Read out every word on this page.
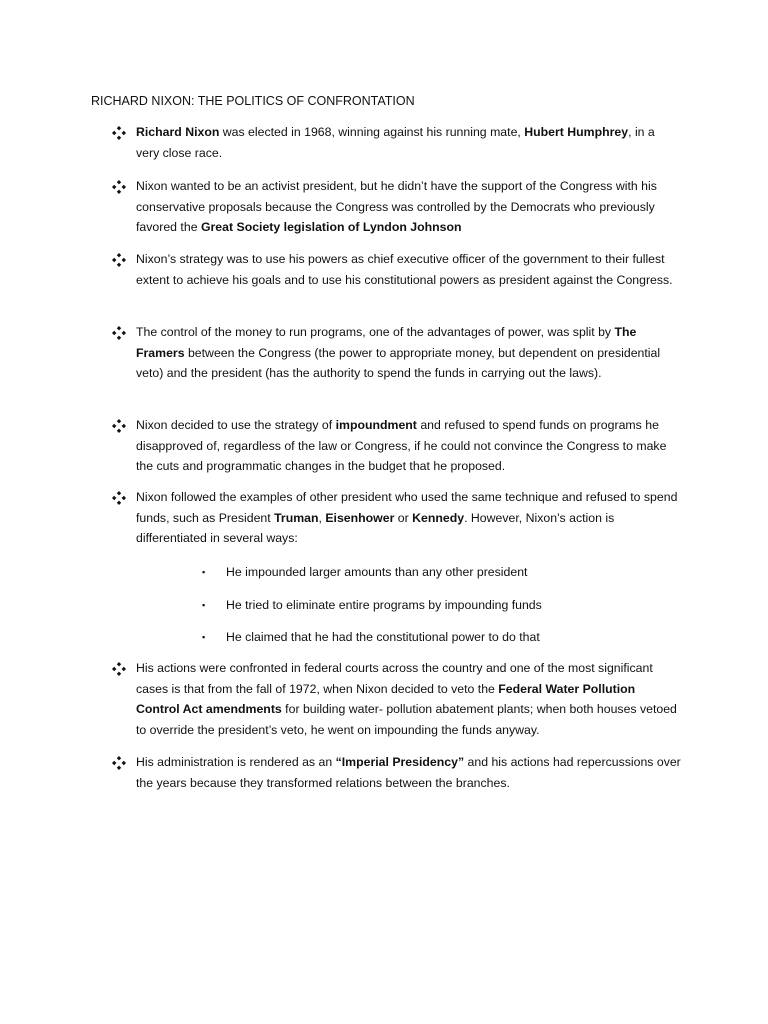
RICHARD NIXON: THE POLITICS OF CONFRONTATION
Richard Nixon was elected in 1968, winning against his running mate, Hubert Humphrey, in a very close race.
Nixon wanted to be an activist president, but he didn’t have the support of the Congress with his conservative proposals because the Congress was controlled by the Democrats who previously favored the Great Society legislation of Lyndon Johnson
Nixon’s strategy was to use his powers as chief executive officer of the government to their fullest extent to achieve his goals and to use his constitutional powers as president against the Congress.
The control of the money to run programs, one of the advantages of power, was split by The Framers between the Congress (the power to appropriate money, but dependent on presidential veto) and the president (has the authority to spend the funds in carrying out the laws).
Nixon decided to use the strategy of impoundment and refused to spend funds on programs he disapproved of, regardless of the law or Congress, if he could not convince the Congress to make the cuts and programmatic changes in the budget that he proposed.
Nixon followed the examples of other president who used the same technique and refused to spend funds, such as President Truman, Eisenhower or Kennedy. However, Nixon’s action is differentiated in several ways:
▪ He impounded larger amounts than any other president
▪ He tried to eliminate entire programs by impounding funds
▪ He claimed that he had the constitutional power to do that
His actions were confronted in federal courts across the country and one of the most significant cases is that from the fall of 1972, when Nixon decided to veto the Federal Water Pollution Control Act amendments for building water- pollution abatement plants; when both houses vetoed to override the president’s veto, he went on impounding the funds anyway.
His administration is rendered as an “Imperial Presidency” and his actions had repercussions over the years because they transformed relations between the branches.
